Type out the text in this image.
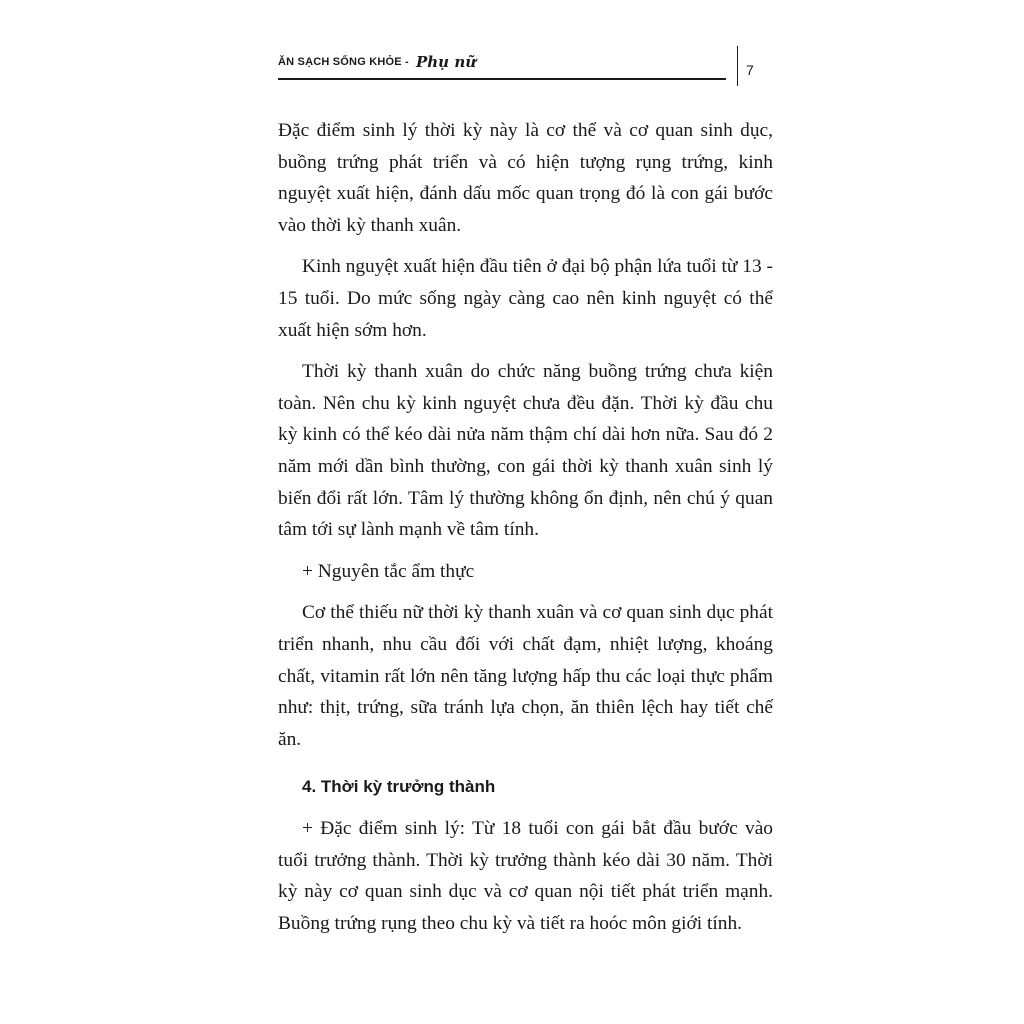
ĂN SẠCH SỐNG KHỎE - Phụ nữ	7

Đặc điểm sinh lý thời kỳ này là cơ thể và cơ quan sinh dục, buồng trứng phát triển và có hiện tượng rụng trứng, kinh nguyệt xuất hiện, đánh dấu mốc quan trọng đó là con gái bước vào thời kỳ thanh xuân.

Kinh nguyệt xuất hiện đầu tiên ở đại bộ phận lứa tuổi từ 13 - 15 tuổi. Do mức sống ngày càng cao nên kinh nguyệt có thể xuất hiện sớm hơn.

Thời kỳ thanh xuân do chức năng buồng trứng chưa kiện toàn. Nên chu kỳ kinh nguyệt chưa đều đặn. Thời kỳ đầu chu kỳ kinh có thể kéo dài nửa năm thậm chí dài hơn nữa. Sau đó 2 năm mới dần bình thường, con gái thời kỳ thanh xuân sinh lý biến đổi rất lớn. Tâm lý thường không ổn định, nên chú ý quan tâm tới sự lành mạnh về tâm tính.

+ Nguyên tắc ẩm thực

Cơ thể thiếu nữ thời kỳ thanh xuân và cơ quan sinh dục phát triển nhanh, nhu cầu đối với chất đạm, nhiệt lượng, khoáng chất, vitamin rất lớn nên tăng lượng hấp thu các loại thực phẩm như: thịt, trứng, sữa tránh lựa chọn, ăn thiên lệch hay tiết chế ăn.

4. Thời kỳ trưởng thành

+ Đặc điểm sinh lý: Từ 18 tuổi con gái bắt đầu bước vào tuổi trưởng thành. Thời kỳ trưởng thành kéo dài 30 năm. Thời kỳ này cơ quan sinh dục và cơ quan nội tiết phát triển mạnh. Buồng trứng rụng theo chu kỳ và tiết ra hoóc môn giới tính.
